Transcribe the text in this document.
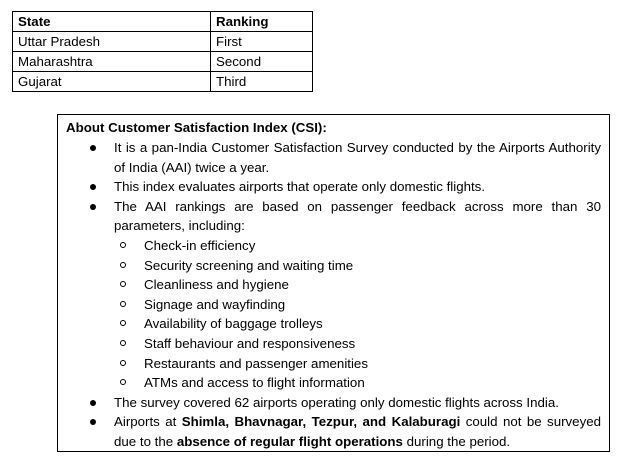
State	Ranking
Uttar Pradesh	First
Maharashtra	Second
Gujarat	Third
About Customer Satisfaction Index (CSI):
It is a pan-India Customer Satisfaction Survey conducted by the Airports Authority of India (AAI) twice a year.
This index evaluates airports that operate only domestic flights.
The AAI rankings are based on passenger feedback across more than 30 parameters, including:
Check-in efficiency
Security screening and waiting time
Cleanliness and hygiene
Signage and wayfinding
Availability of baggage trolleys
Staff behaviour and responsiveness
Restaurants and passenger amenities
ATMs and access to flight information
The survey covered 62 airports operating only domestic flights across India.
Airports at Shimla, Bhavnagar, Tezpur, and Kalaburagi could not be surveyed due to the absence of regular flight operations during the period.
